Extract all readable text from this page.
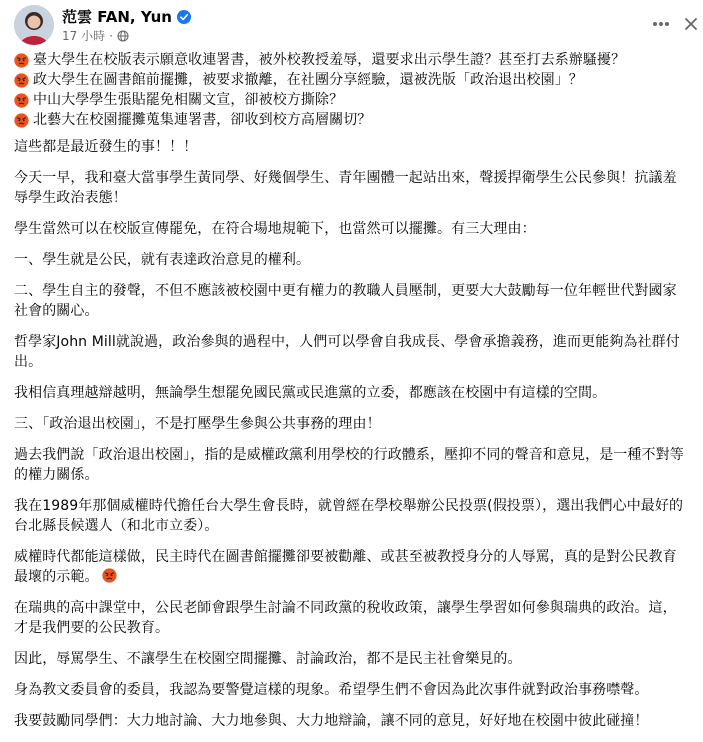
范雲 FAN, Yun
17 小時 ·
臺大學生在校版表示願意收連署書，被外校教授羞辱，還要求出示學生證？甚至打去系辦騷擾？
政大學生在圖書館前擺攤，被要求撤離，在社團分享經驗，還被洗版「政治退出校園」？
中山大學學生張貼罷免相關文宣，卻被校方撕除？
北藝大在校園擺攤蒐集連署書，卻收到校方高層關切？
這些都是最近發生的事！！！
今天一早，我和臺大當事學生黃同學、好幾個學生、青年團體一起站出來，聲援捍衛學生公民參與！抗議羞辱學生政治表態！
學生當然可以在校版宣傳罷免，在符合場地規範下，也當然可以擺攤。有三大理由：
一、學生就是公民，就有表達政治意見的權利。
二、學生自主的發聲，不但不應該被校園中更有權力的教職人員壓制，更要大大鼓勵每一位年輕世代對國家社會的關心。
哲學家John Mill就說過，政治參與的過程中，人們可以學會自我成長、學會承擔義務，進而更能夠為社群付出。
我相信真理越辯越明，無論學生想罷免國民黨或民進黨的立委，都應該在校園中有這樣的空間。
三、「政治退出校園」，不是打壓學生參與公共事務的理由！
過去我們說「政治退出校園」，指的是威權政黨利用學校的行政體系，壓抑不同的聲音和意見，是一種不對等的權力關係。
我在1989年那個威權時代擔任台大學生會長時，就曾經在學校舉辦公民投票(假投票），選出我們心中最好的台北縣長候選人（和北市立委）。
威權時代都能這樣做，民主時代在圖書館擺攤卻要被勸離、或甚至被教授身分的人辱罵，真的是對公民教育最壞的示範。
在瑞典的高中課堂中，公民老師會跟學生討論不同政黨的稅收政策，讓學生學習如何參與瑞典的政治。這，才是我們要的公民教育。
因此，辱罵學生、不讓學生在校園空間擺攤、討論政治，都不是民主社會樂見的。
身為教文委員會的委員，我認為要警覺這樣的現象。希望學生們不會因為此次事件就對政治事務噤聲。
我要鼓勵同學們：大力地討論、大力地參與、大力地辯論，讓不同的意見，好好地在校園中彼此碰撞！
